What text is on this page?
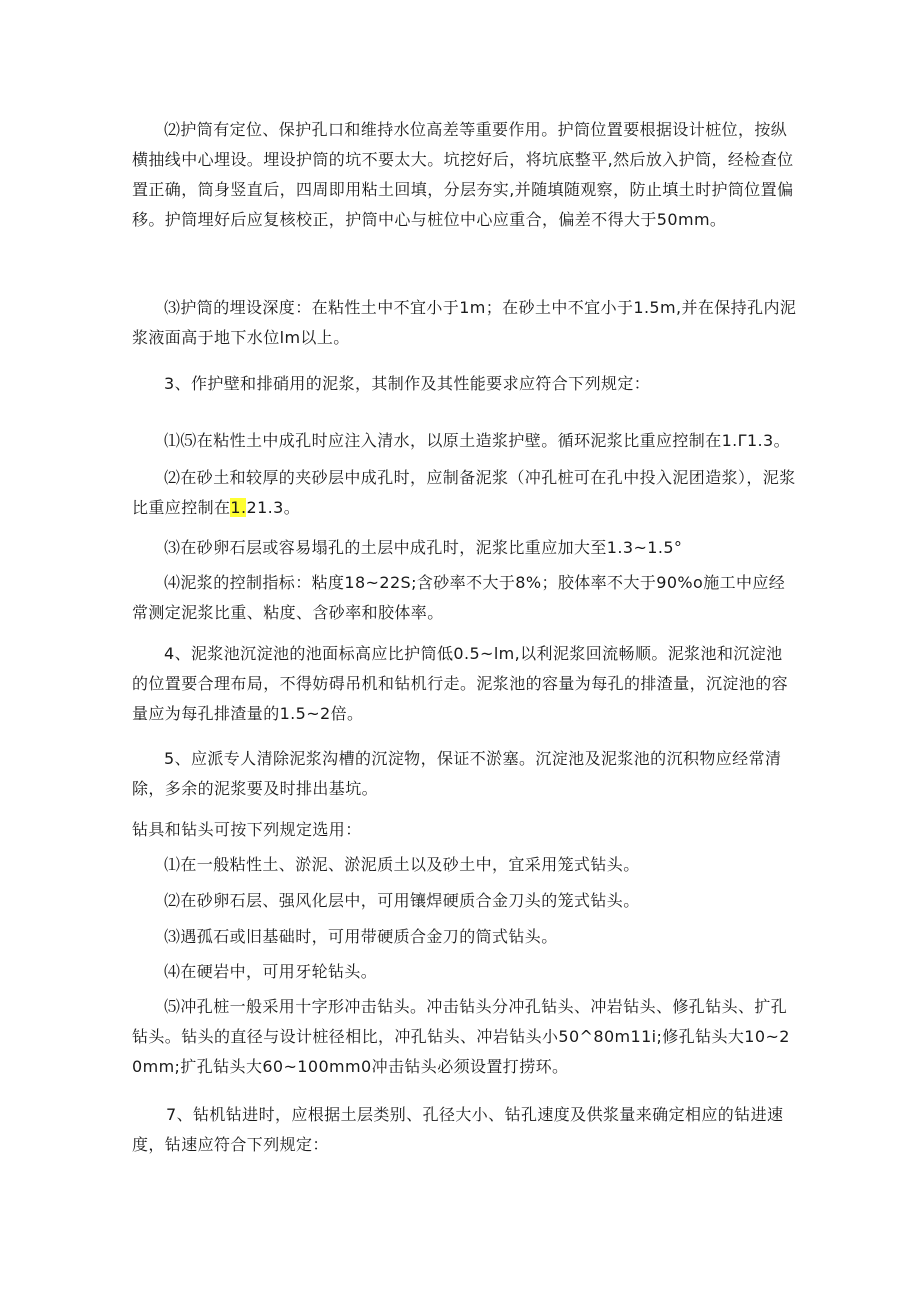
⑵护筒有定位、保护孔口和维持水位高差等重要作用。护筒位置要根据设计桩位，按纵横抽线中心埋设。埋设护筒的坑不要太大。坑挖好后，将坑底整平,然后放入护筒，经检查位置正确，筒身竖直后，四周即用粘土回填，分层夯实,并随填随观察，防止填土时护筒位置偏移。护筒埋好后应复核校正，护筒中心与桩位中心应重合，偏差不得大于50mm。

⑶护筒的埋设深度：在粘性土中不宜小于1m；在砂土中不宜小于1.5m,并在保持孔内泥浆液面高于地下水位lm以上。

3、作护壁和排硝用的泥浆，其制作及其性能要求应符合下列规定：

⑴⑸在粘性土中成孔时应注入清水，以原土造浆护壁。循环泥浆比重应控制在1.Γ1.3。

⑵在砂土和较厚的夹砂层中成孔时，应制备泥浆（冲孔桩可在孔中投入泥团造浆），泥浆比重应控制在1.21.3。

⑶在砂卵石层或容易塌孔的土层中成孔时，泥浆比重应加大至1.3~1.5°

⑷泥浆的控制指标：粘度18~22S;含砂率不大于8%；胶体率不大于90%o施工中应经常测定泥浆比重、粘度、含砂率和胶体率。

4、泥浆池沉淀池的池面标高应比护筒低0.5~lm,以利泥浆回流畅顺。泥浆池和沉淀池的位置要合理布局，不得妨碍吊机和钻机行走。泥浆池的容量为每孔的排渣量，沉淀池的容量应为每孔排渣量的1.5~2倍。

5、应派专人清除泥浆沟槽的沉淀物，保证不淤塞。沉淀池及泥浆池的沉积物应经常清除，多余的泥浆要及时排出基坑。

钻具和钻头可按下列规定选用：

⑴在一般粘性土、淤泥、淤泥质土以及砂土中，宜采用笼式钻头。

⑵在砂卵石层、强风化层中，可用镶焊硬质合金刀头的笼式钻头。

⑶遇孤石或旧基础时，可用带硬质合金刀的筒式钻头。

⑷在硬岩中，可用牙轮钻头。

⑸冲孔桩一般采用十字形冲击钻头。冲击钻头分冲孔钻头、冲岩钻头、修孔钻头、扩孔钻头。钻头的直径与设计桩径相比，冲孔钻头、冲岩钻头小50^80m11i;修孔钻头大10~20mm;扩孔钻头大60~100mm0冲击钻头必须设置打捞环。

7、钻机钻进时，应根据土层类别、孔径大小、钻孔速度及供浆量来确定相应的钻进速度，钻速应符合下列规定：
